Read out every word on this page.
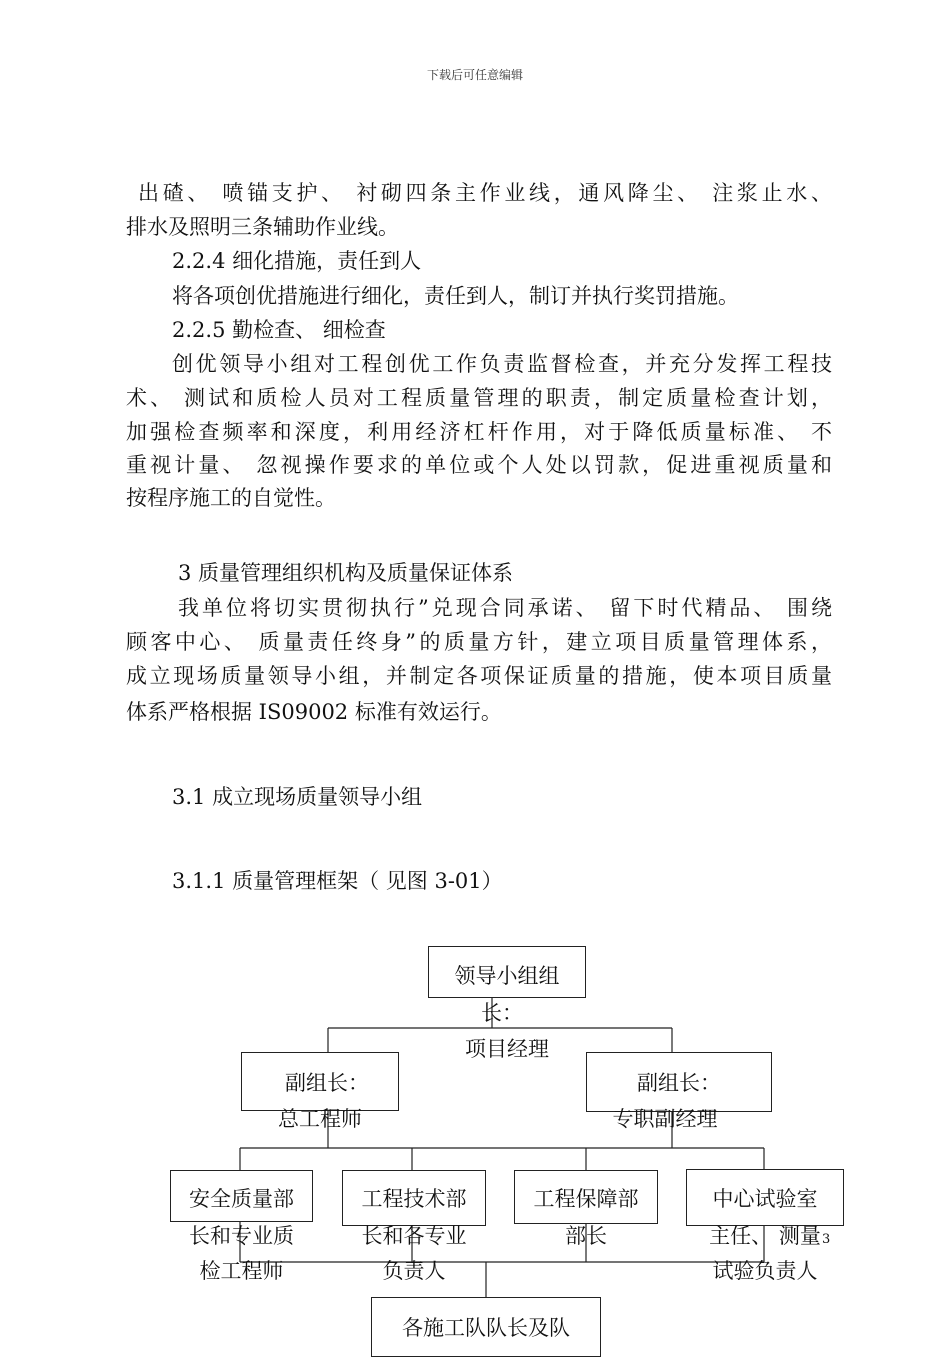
下载后可任意编辑
出碴、 喷锚支护、 衬砌四条主作业线，通风降尘、 注浆止水、
排水及照明三条辅助作业线。
2.2.4 细化措施，责任到人
将各项创优措施进行细化，责任到人，制订并执行奖罚措施。
2.2.5 勤检查、 细检查
创优领导小组对工程创优工作负责监督检查，并充分发挥工程技
术、 测试和质检人员对工程质量管理的职责，制定质量检查计划，
加强检查频率和深度，利用经济杠杆作用，对于降低质量标准、 不
重视计量、 忽视操作要求的单位或个人处以罚款，促进重视质量和
按程序施工的自觉性。
3 质量管理组织机构及质量保证体系
我单位将切实贯彻执行”兑现合同承诺、 留下时代精品、 围绕
顾客中心、 质量责任终身”的质量方针，建立项目质量管理体系，
成立现场质量领导小组，并制定各项保证质量的措施，使本项目质量
体系严格根据 IS09002 标准有效运行。
3.1 成立现场质量领导小组
3.1.1 质量管理框架（ 见图 3-01）
领导小组组
长：
项目经理
副组长：
总工程师
副组长：
专职副经理
安全质量部
长和专业质
检工程师
工程技术部
长和各专业
负责人
工程保障部
部长
中心试验室
主任、 测量
试验负责人
各施工队队长及队
3
